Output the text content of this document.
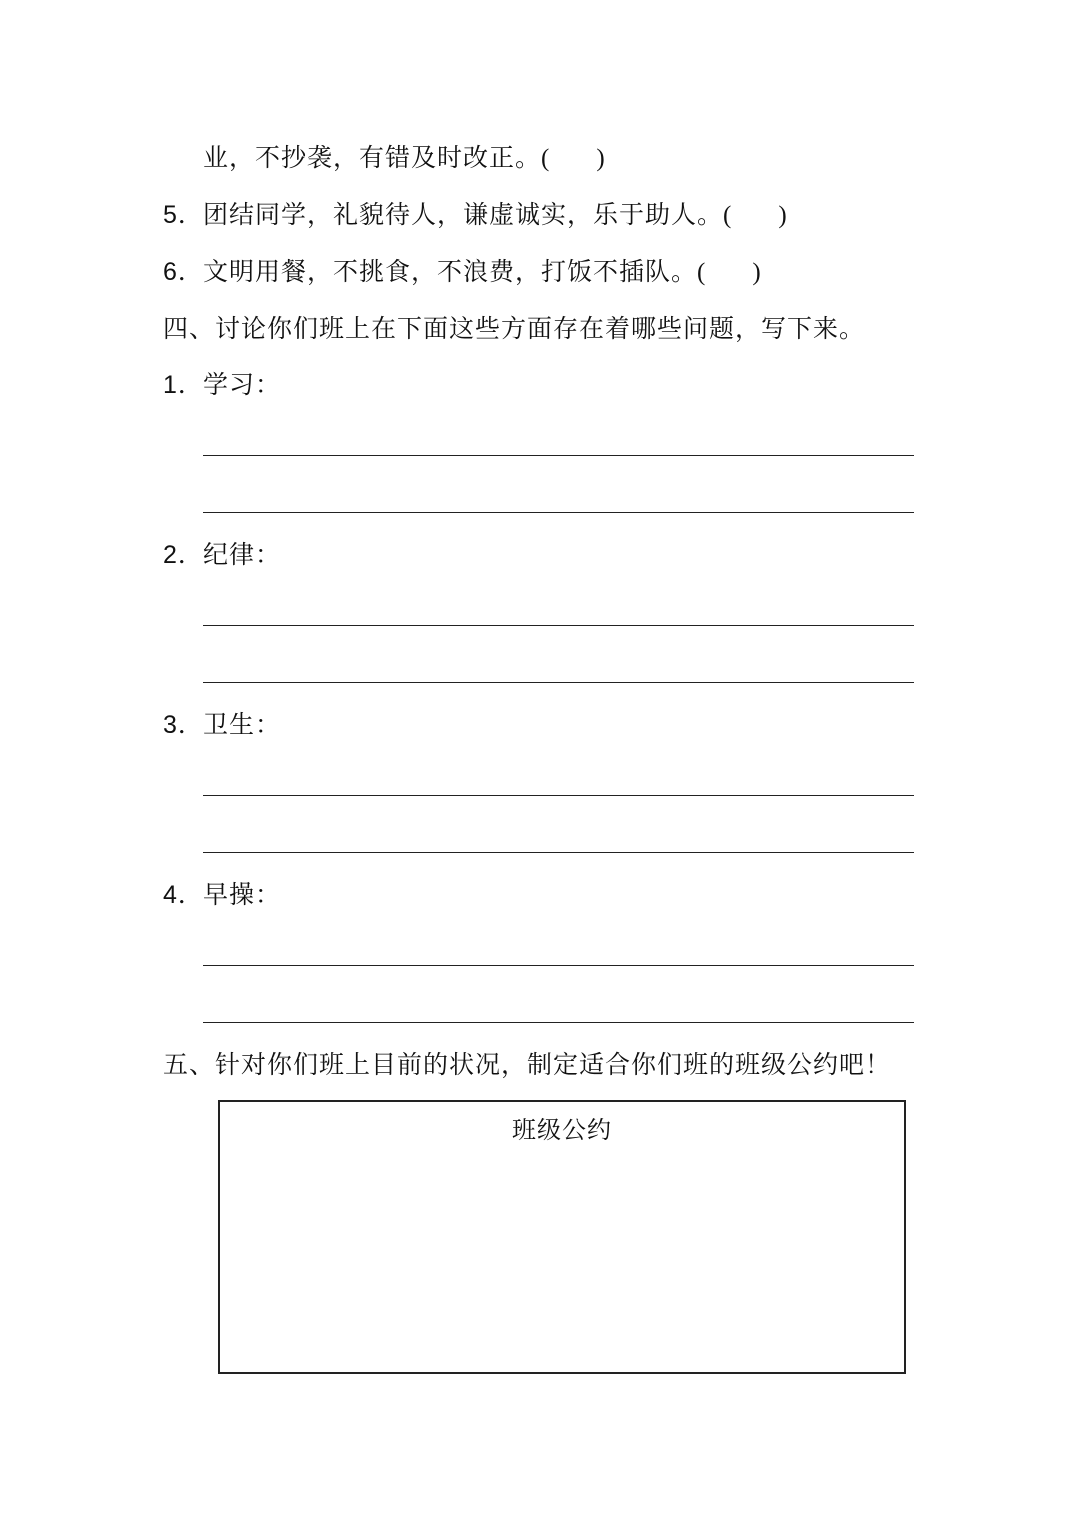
业，不抄袭，有错及时改正。( )
5．团结同学，礼貌待人，谦虚诚实，乐于助人。( )
6．文明用餐，不挑食，不浪费，打饭不插队。( )
四、讨论你们班上在下面这些方面存在着哪些问题，写下来。
1．学习：
2．纪律：
3．卫生：
4．早操：
五、针对你们班上目前的状况，制定适合你们班的班级公约吧！
班级公约
